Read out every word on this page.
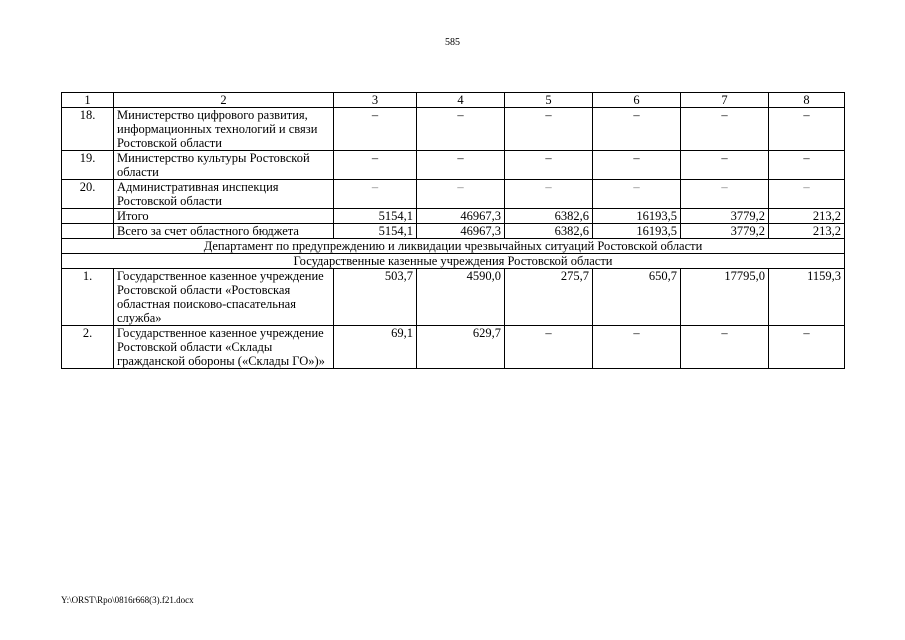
585
1	2	3	4	5	6	7	8
18.	Министерство цифрового развития, информационных технологий и связи Ростовской области	–	–	–	–	–	–
19.	Министерство культуры Ростовской области	–	–	–	–	–	–
20.	Административная инспекция Ростовской области	–	–	–	–	–	–
	Итого	5154,1	46967,3	6382,6	16193,5	3779,2	213,2
	Всего за счет областного бюджета	5154,1	46967,3	6382,6	16193,5	3779,2	213,2
Департамент по предупреждению и ликвидации чрезвычайных ситуаций Ростовской области							
Государственные казенные учреждения Ростовской области							
1.	Государственное казенное учреждение Ростовской области «Ростовская областная поисково-спасательная служба»	503,7	4590,0	275,7	650,7	17795,0	1159,3
2.	Государственное казенное учреждение Ростовской области «Склады гражданской обороны («Склады ГО»)»	69,1	629,7	–	–	–	–
Y:\ORST\Rpo\0816r668(3).f21.docx
